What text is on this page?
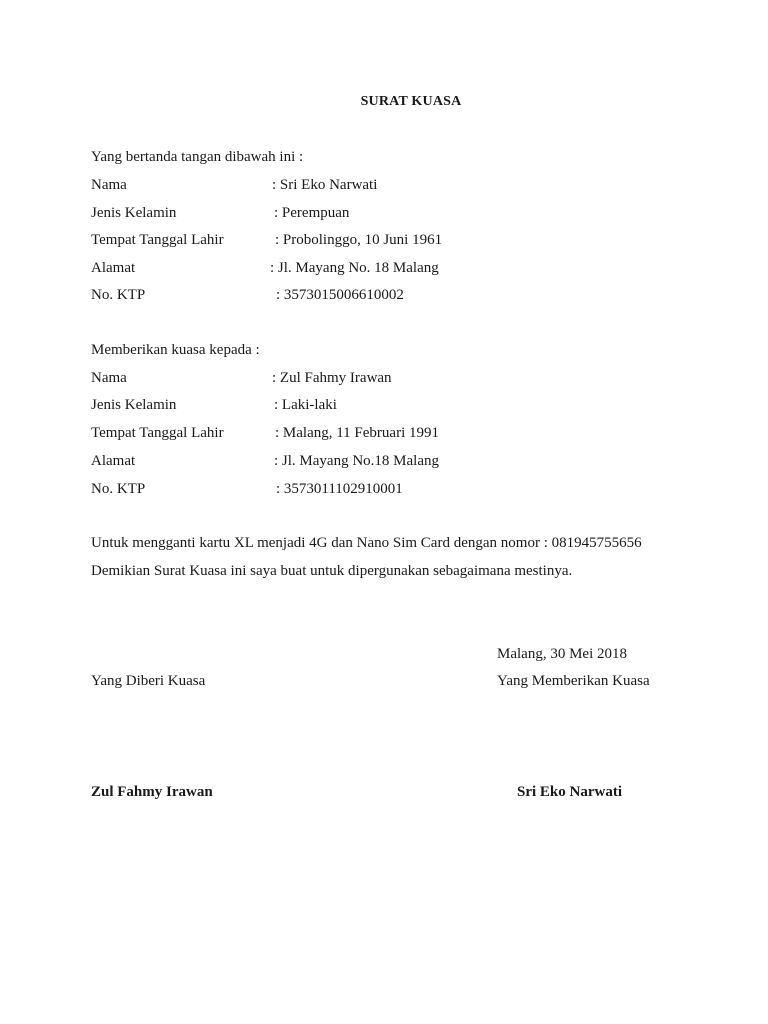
SURAT KUASA
Yang bertanda tangan dibawah ini :
Nama	: Sri Eko Narwati
Jenis Kelamin	: Perempuan
Tempat Tanggal Lahir	: Probolinggo, 10 Juni 1961
Alamat	: Jl. Mayang No. 18 Malang
No. KTP	: 3573015006610002
Memberikan kuasa kepada :
Nama	: Zul Fahmy Irawan
Jenis Kelamin	: Laki-laki
Tempat Tanggal Lahir	: Malang, 11 Februari 1991
Alamat	: Jl. Mayang No.18 Malang
No. KTP	: 3573011102910001
Untuk mengganti kartu XL menjadi 4G dan Nano Sim Card dengan nomor : 081945755656
Demikian Surat Kuasa ini saya buat untuk dipergunakan sebagaimana mestinya.
Malang, 30 Mei 2018
Yang Diberi Kuasa	Yang Memberikan Kuasa
Zul Fahmy Irawan	Sri Eko Narwati
